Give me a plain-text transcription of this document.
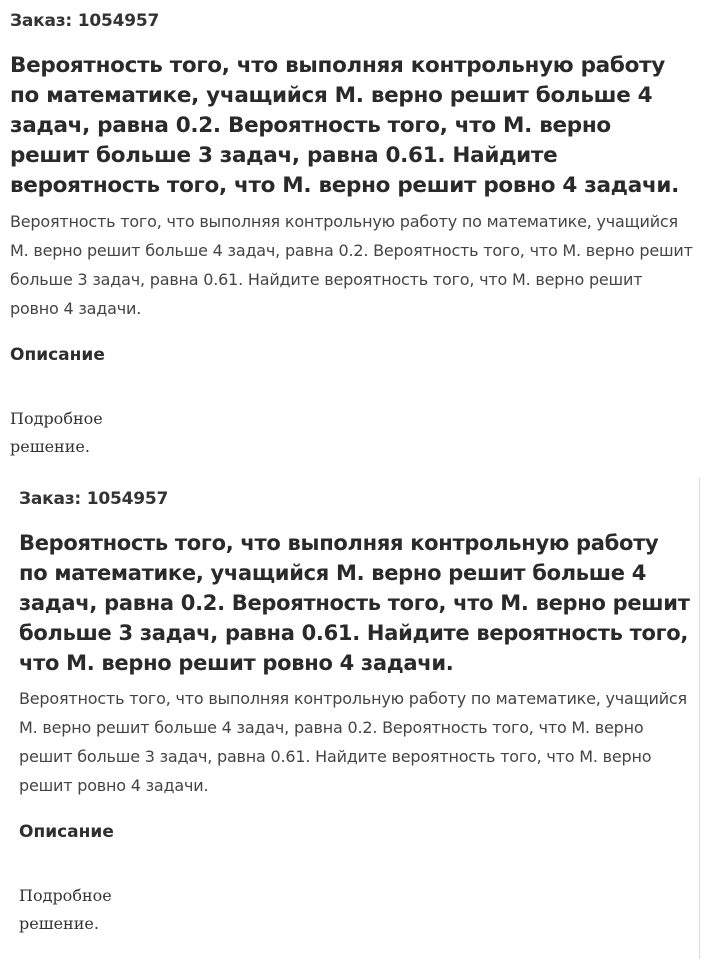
Заказ: 1054957

Вероятность того, что выполняя контрольную работу по математике, учащийся М. верно решит больше 4 задач, равна 0.2. Вероятность того, что М. верно решит больше 3 задач, равна 0.61. Найдите вероятность того, что М. верно решит ровно 4 задачи.

Вероятность того, что выполняя контрольную работу по математике, учащийся М. верно решит больше 4 задач, равна 0.2. Вероятность того, что М. верно решит больше 3 задач, равна 0.61. Найдите вероятность того, что М. верно решит ровно 4 задачи.

Описание

Подробное решение.

Заказ: 1054957

Вероятность того, что выполняя контрольную работу по математике, учащийся М. верно решит больше 4 задач, равна 0.2. Вероятность того, что М. верно решит больше 3 задач, равна 0.61. Найдите вероятность того, что М. верно решит ровно 4 задачи.

Вероятность того, что выполняя контрольную работу по математике, учащийся М. верно решит больше 4 задач, равна 0.2. Вероятность того, что М. верно решит больше 3 задач, равна 0.61. Найдите вероятность того, что М. верно решит ровно 4 задачи.

Описание

Подробное решение.
